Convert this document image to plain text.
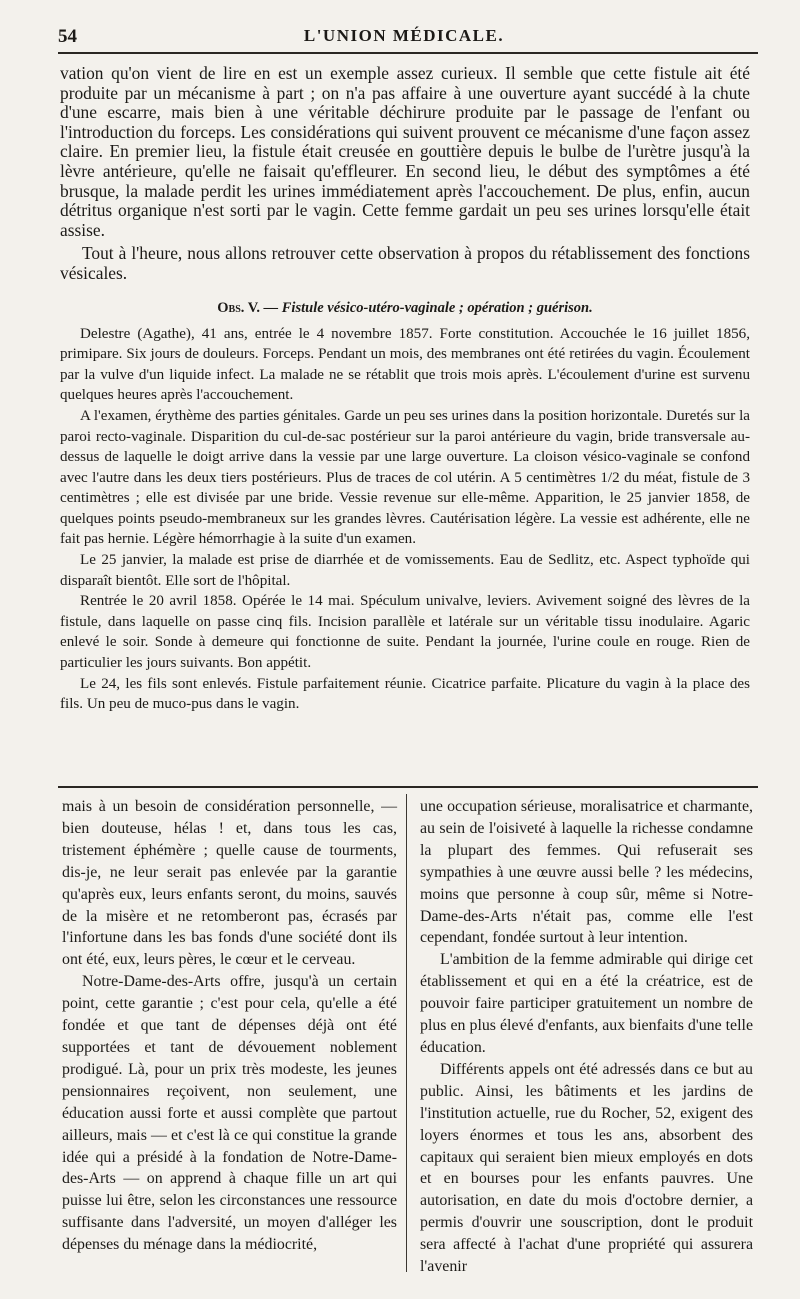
54	L'UNION MÉDICALE.

vation qu'on vient de lire en est un exemple assez curieux. Il semble que cette fistule ait été produite par un mécanisme à part ; on n'a pas affaire à une ouverture ayant succédé à la chute d'une escarre, mais bien à une véritable déchirure produite par le passage de l'enfant ou l'introduction du forceps. Les considérations qui suivent prouvent ce mécanisme d'une façon assez claire. En premier lieu, la fistule était creusée en gouttière depuis le bulbe de l'urètre jusqu'à la lèvre antérieure, qu'elle ne faisait qu'effleurer. En second lieu, le début des symptômes a été brusque, la malade perdit les urines immédiatement après l'accouchement. De plus, enfin, aucun détritus organique n'est sorti par le vagin. Cette femme gardait un peu ses urines lorsqu'elle était assise.

Tout à l'heure, nous allons retrouver cette observation à propos du rétablissement des fonctions vésicales.

Obs. V. — Fistule vésico-utéro-vaginale ; opération ; guérison.

Delestre (Agathe), 41 ans, entrée le 4 novembre 1857. Forte constitution. Accouchée le 16 juillet 1856, primipare. Six jours de douleurs. Forceps. Pendant un mois, des membranes ont été retirées du vagin. Écoulement par la vulve d'un liquide infect. La malade ne se rétablit que trois mois après. L'écoulement d'urine est survenu quelques heures après l'accouchement.

A l'examen, érythème des parties génitales. Garde un peu ses urines dans la position horizontale. Duretés sur la paroi recto-vaginale. Disparition du cul-de-sac postérieur sur la paroi antérieure du vagin, bride transversale au-dessus de laquelle le doigt arrive dans la vessie par une large ouverture. La cloison vésico-vaginale se confond avec l'autre dans les deux tiers postérieurs. Plus de traces de col utérin. A 5 centimètres 1/2 du méat, fistule de 3 centimètres ; elle est divisée par une bride. Vessie revenue sur elle-même. Apparition, le 25 janvier 1858, de quelques points pseudo-membraneux sur les grandes lèvres. Cautérisation légère. La vessie est adhérente, elle ne fait pas hernie. Légère hémorrhagie à la suite d'un examen.

Le 25 janvier, la malade est prise de diarrhée et de vomissements. Eau de Sedlitz, etc. Aspect typhoïde qui disparaît bientôt. Elle sort de l'hôpital.

Rentrée le 20 avril 1858. Opérée le 14 mai. Spéculum univalve, leviers. Avivement soigné des lèvres de la fistule, dans laquelle on passe cinq fils. Incision parallèle et latérale sur un véritable tissu inodulaire. Agaric enlevé le soir. Sonde à demeure qui fonctionne de suite. Pendant la journée, l'urine coule en rouge. Rien de particulier les jours suivants. Bon appétit.

Le 24, les fils sont enlevés. Fistule parfaitement réunie. Cicatrice parfaite. Plicature du vagin à la place des fils. Un peu de muco-pus dans le vagin.

mais à un besoin de considération personnelle, — bien douteuse, hélas ! et, dans tous les cas, tristement éphémère ; quelle cause de tourments, dis-je, ne leur serait pas enlevée par la garantie qu'après eux, leurs enfants seront, du moins, sauvés de la misère et ne retomberont pas, écrasés par l'infortune dans les bas fonds d'une société dont ils ont été, eux, leurs pères, le cœur et le cerveau.

Notre-Dame-des-Arts offre, jusqu'à un certain point, cette garantie ; c'est pour cela, qu'elle a été fondée et que tant de dépenses déjà ont été supportées et tant de dévouement noblement prodigué. Là, pour un prix très modeste, les jeunes pensionnaires reçoivent, non seulement, une éducation aussi forte et aussi complète que partout ailleurs, mais — et c'est là ce qui constitue la grande idée qui a présidé à la fondation de Notre-Dame-des-Arts — on apprend à chaque fille un art qui puisse lui être, selon les circonstances une ressource suffisante dans l'adversité, un moyen d'alléger les dépenses du ménage dans la médiocrité,

une occupation sérieuse, moralisatrice et charmante, au sein de l'oisiveté à laquelle la richesse condamne la plupart des femmes. Qui refuserait ses sympathies à une œuvre aussi belle ? les médecins, moins que personne à coup sûr, même si Notre-Dame-des-Arts n'était pas, comme elle l'est cependant, fondée surtout à leur intention.

L'ambition de la femme admirable qui dirige cet établissement et qui en a été la créatrice, est de pouvoir faire participer gratuitement un nombre de plus en plus élevé d'enfants, aux bienfaits d'une telle éducation.

Différents appels ont été adressés dans ce but au public. Ainsi, les bâtiments et les jardins de l'institution actuelle, rue du Rocher, 52, exigent des loyers énormes et tous les ans, absorbent des capitaux qui seraient bien mieux employés en dots et en bourses pour les enfants pauvres. Une autorisation, en date du mois d'octobre dernier, a permis d'ouvrir une souscription, dont le produit sera affecté à l'achat d'une propriété qui assurera l'avenir
